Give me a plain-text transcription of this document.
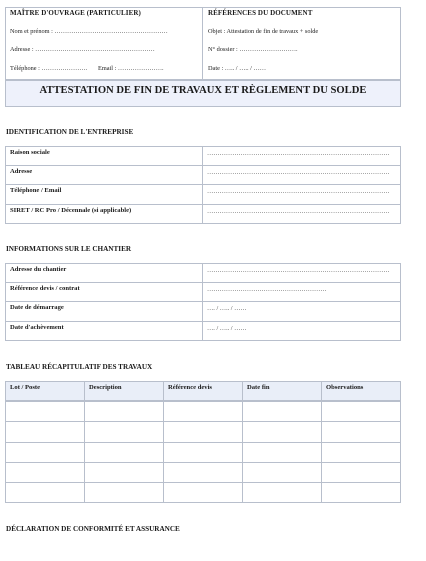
MAÎTRE D'OUVRAGE (PARTICULIER)
Nom et prénom : ………………………………………………
Adresse : …………………………………………………
Téléphone : …………………. Email : ………………….
RÉFÉRENCES DU DOCUMENT
Objet : Attestation de fin de travaux + solde
N° dossier : ……………………….
Date : ….. / ….. / ……
ATTESTATION DE FIN DE TRAVAUX ET RÈGLEMENT DU SOLDE
IDENTIFICATION DE L'ENTREPRISE
Raison sociale	……………………………………………………………………………
Adresse	……………………………………………………………………………
Téléphone / Email	……………………………………………………………………………
SIRET / RC Pro / Décennale (si applicable)	……………………………………………………………………………
INFORMATIONS SUR LE CHANTIER
Adresse du chantier	……………………………………………………………………………
Référence devis / contrat	…………………………………………………
Date de démarrage	…. / ….. / ……
Date d'achèvement	…. / ….. / ……
TABLEAU RÉCAPITULATIF DES TRAVAUX
Lot / Poste	Description	Référence devis	Date fin	Observations
DÉCLARATION DE CONFORMITÉ ET ASSURANCE
